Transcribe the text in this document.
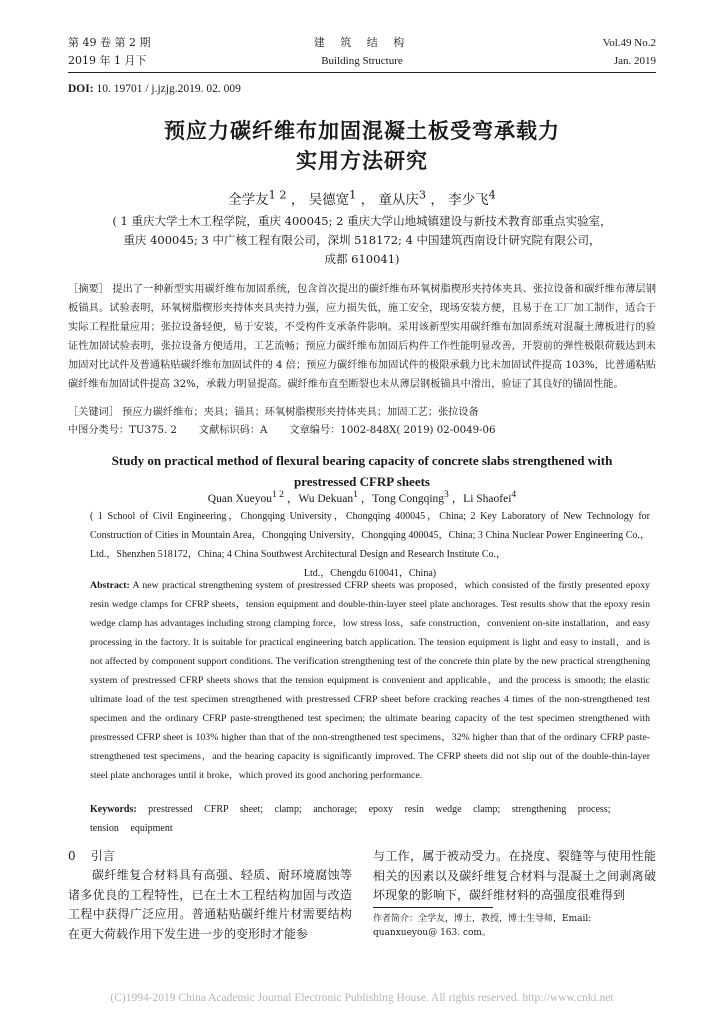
第 49 卷 第 2 期
2019 年 1 月下
建 筑 结 构
Building Structure
Vol.49 No.2
Jan. 2019
DOI: 10. 19701 / j.jzjg.2019. 02. 009
预应力碳纤维布加固混凝土板受弯承载力
实用方法研究
全学友$^{1 2}$ ， 吴德宽$^1$ ， 童从庆$^3$ ， 李少飞$^4$
( 1 重庆大学土木工程学院，重庆 400045; 2 重庆大学山地城镇建设与新技术教育部重点实验室，
重庆 400045; 3 中广核工程有限公司，深圳 518172; 4 中国建筑西南设计研究院有限公司，
成都 610041)
［摘要］ 提出了一种新型实用碳纤维布加固系统，包含首次提出的碳纤维布环氧树脂楔形夹持体夹具、张拉设备和碳纤维布薄层钢板锚具。试验表明，环氧树脂楔形夹持体夹具夹持力强，应力损失低，施工安全，现场安装方便，且易于在工厂加工制作，适合于实际工程批量应用；张拉设备轻便，易于安装，不受构件支承条件影响。采用该新型实用碳纤维布加固系统对混凝土薄板进行的验证性加固试验表明，张拉设备方便适用，工艺流畅；预应力碳纤维布加固后构件工作性能明显改善，开裂前的弹性极限荷载达到未加固对比试件及普通粘贴碳纤维布加固试件的 4 倍；预应力碳纤维布加固试件的极限承载力比未加固试件提高 103%，比普通粘贴碳纤维布加固试件提高 32%，承载力明显提高。碳纤维布直至断裂也未从薄层钢板锚具中滑出，验证了其良好的锚固性能。
［关键词］ 预应力碳纤维布；夹具；锚具；环氧树脂楔形夹持体夹具；加固工艺；张拉设备
中图分类号：TU375. 2 文献标识码：A 文章编号：1002-848X( 2019) 02-0049-06
Study on practical method of flexural bearing capacity of concrete slabs strengthened with
prestressed CFRP sheets
Quan Xueyou$^{1 2}$ ，Wu Dekuan$^1$ ，Tong Congqing$^3$ ，Li Shaofei$^4$
( 1 School of Civil Engineering，Chongqing University，Chongqing 400045，China; 2 Key Laboratory of New Technology for Construction of Cities in Mountain Area，Chongqing University，Chongqing 400045，China; 3 China Nuclear Power Engineering Co.，Ltd.，Shenzhen 518172，China; 4 China Southwest Architectural Design and Research Institute Co.，
Ltd.，Chengdu 610041，China)
Abstract: A new practical strengthening system of prestressed CFRP sheets was proposed，which consisted of the firstly presented epoxy resin wedge clamps for CFRP sheets，tension equipment and double-thin-layer steel plate anchorages. Test results show that the epoxy resin wedge clamp has advantages including strong clamping force，low stress loss，safe construction，convenient on-site installation，and easy processing in the factory. It is suitable for practical engineering batch application. The tension equipment is light and easy to install，and is not affected by component support conditions. The verification strengthening test of the concrete thin plate by the new practical strengthening system of prestressed CFRP sheets shows that the tension equipment is convenient and applicable，and the process is smooth; the elastic ultimate load of the test specimen strengthened with prestressed CFRP sheet before cracking reaches 4 times of the non-strengthened test specimen and the ordinary CFRP paste-strengthened test specimen; the ultimate bearing capacity of the test specimen strengthened with prestressed CFRP sheet is 103% higher than that of the non-strengthened test specimens，32% higher than that of the ordinary CFRP paste-strengthened test specimens，and the bearing capacity is significantly improved. The CFRP sheets did not slip out of the double-thin-layer steel plate anchorages until it broke，which proved its good anchoring performance.
Keywords: prestressed CFRP sheet; clamp; anchorage; epoxy resin wedge clamp; strengthening process; tension equipment
0 引言
碳纤维复合材料具有高强、轻质、耐环境腐蚀等诸多优良的工程特性，已在土木工程结构加固与改造工程中获得广泛应用。普通粘贴碳纤维片材需要结构在更大荷载作用下发生进一步的变形时才能参
与工作，属于被动受力。在挠度、裂缝等与使用性能相关的因素以及碳纤维复合材料与混凝土之间剥离破坏现象的影响下，碳纤维材料的高强度很难得到
作者简介：全学友，博士，教授，博士生导师，Email: quanxueyou@ 163. com。
(C)1994-2019 China Academic Journal Electronic Publishing House. All rights reserved. http://www.cnki.net
